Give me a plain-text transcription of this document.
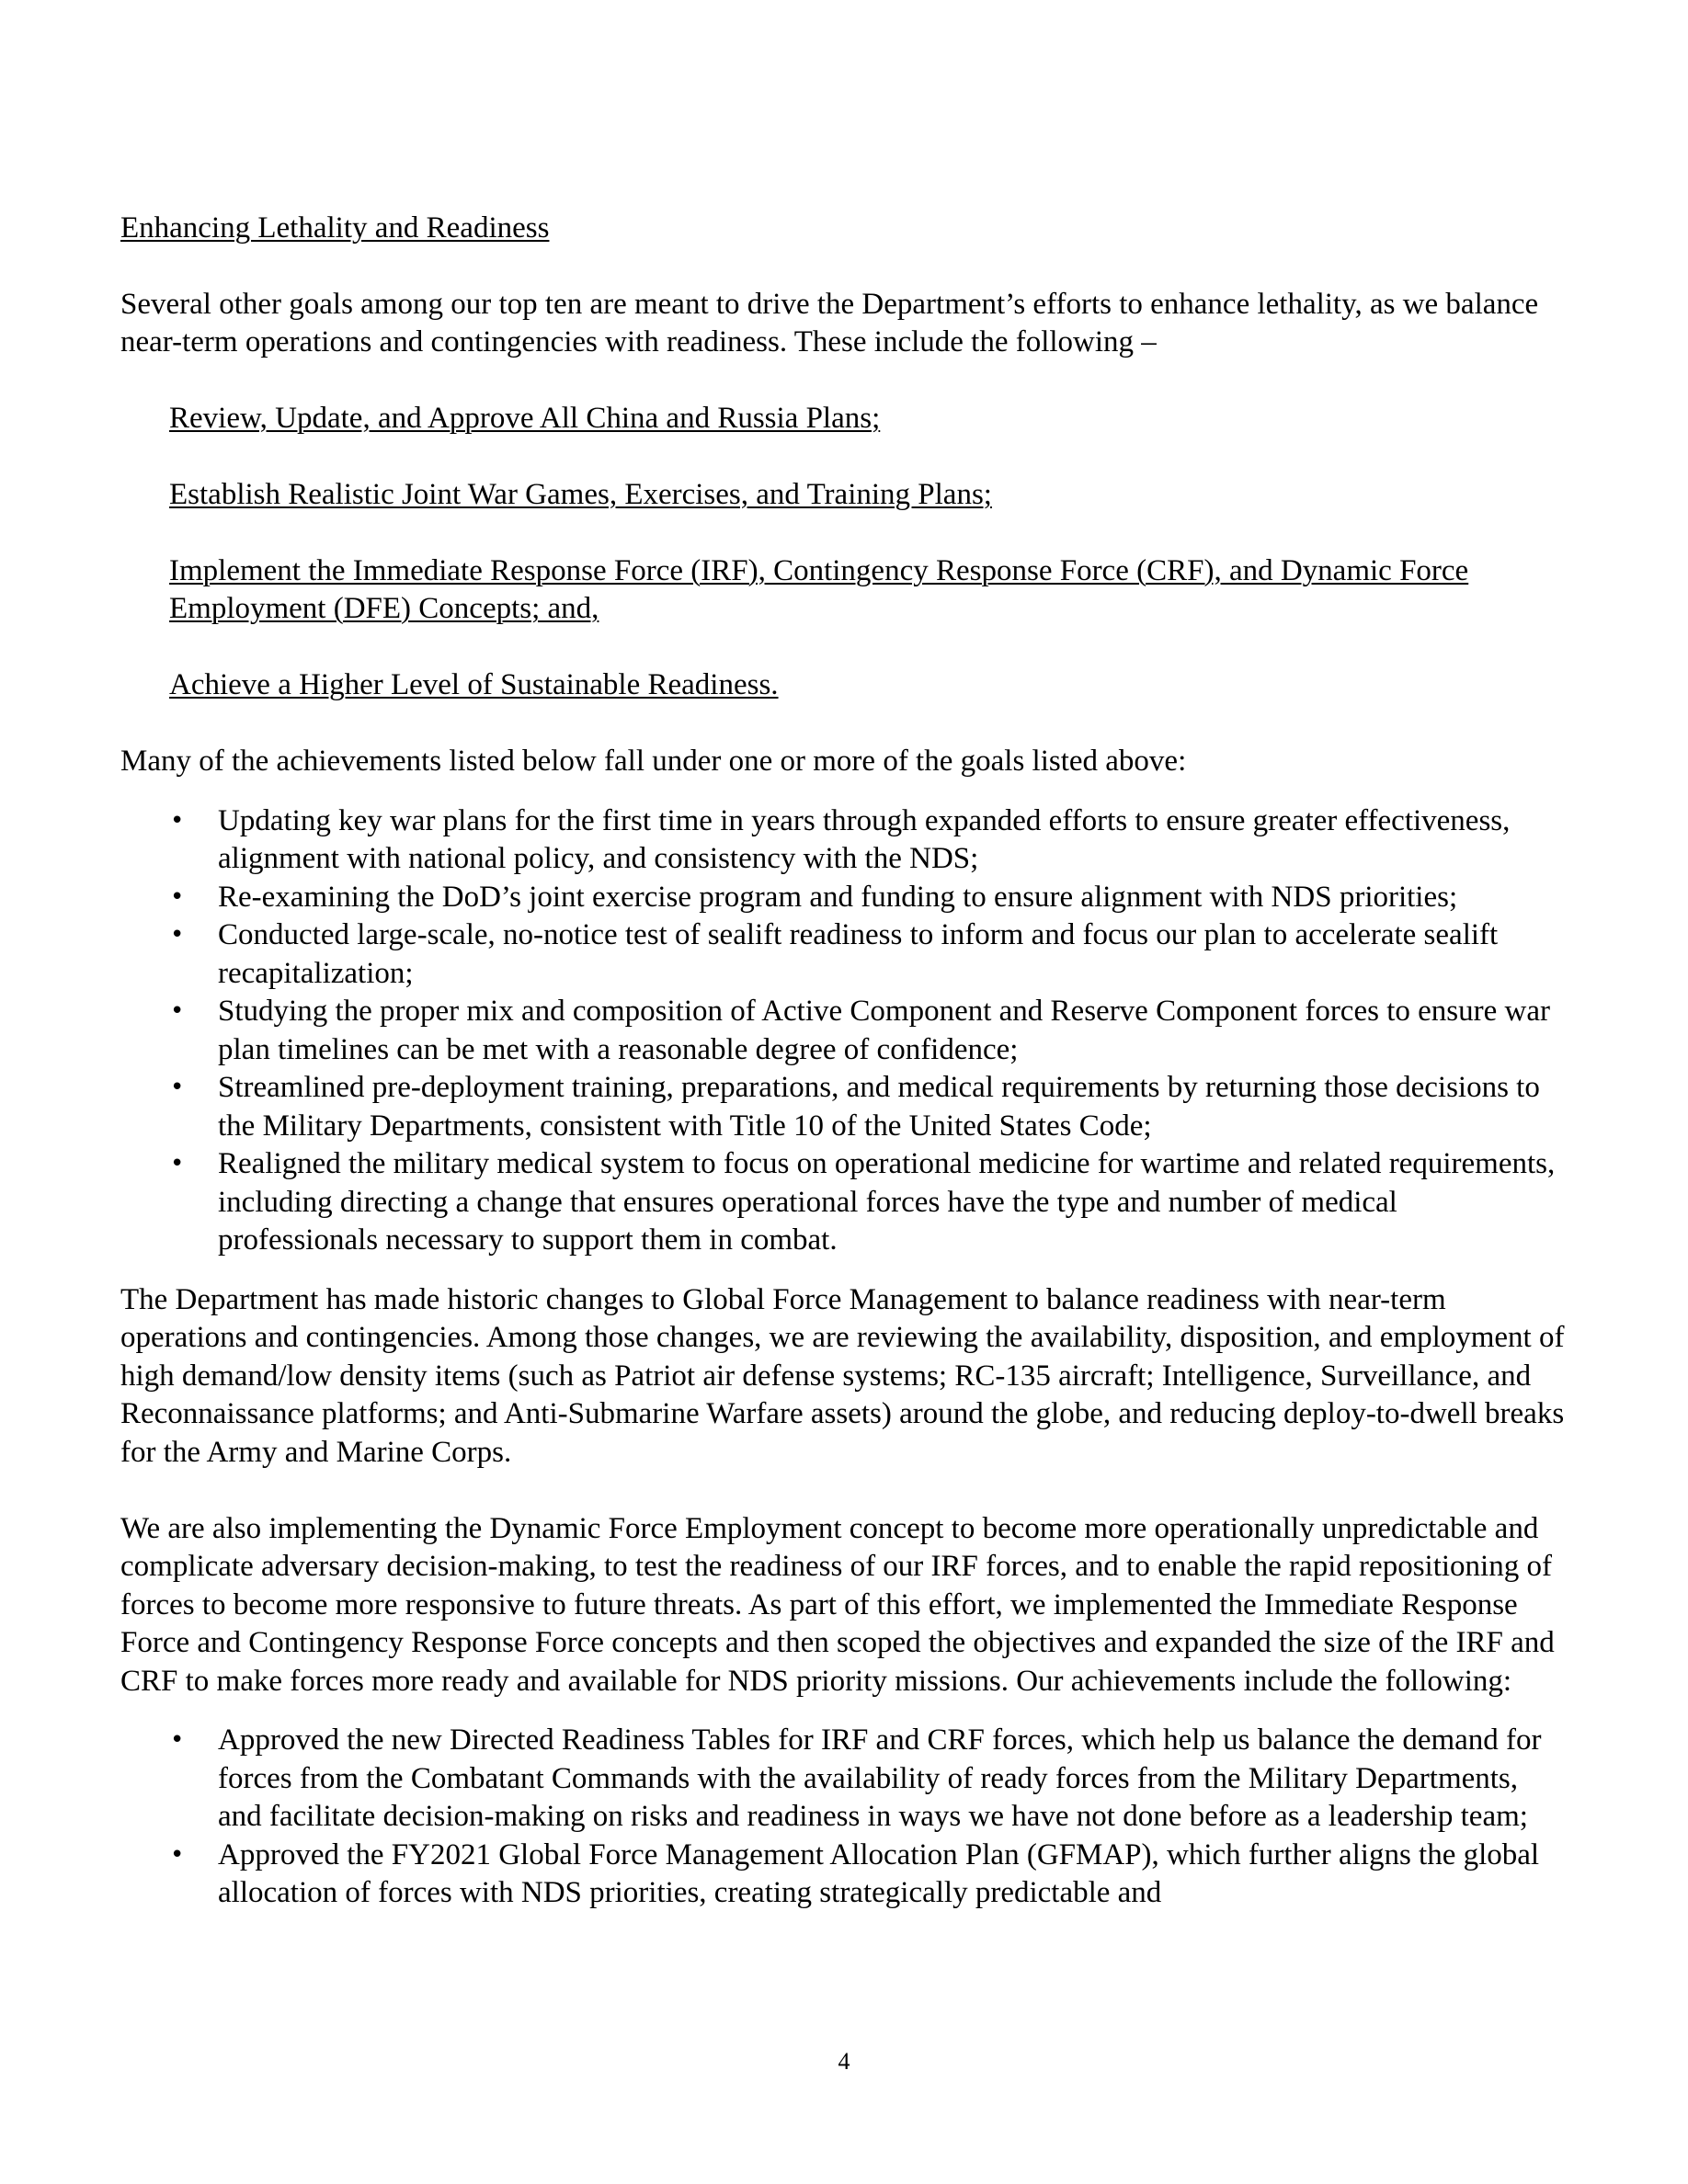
Enhancing Lethality and Readiness

Several other goals among our top ten are meant to drive the Department’s efforts to enhance lethality, as we balance near-term operations and contingencies with readiness. These include the following –

Review, Update, and Approve All China and Russia Plans;
Establish Realistic Joint War Games, Exercises, and Training Plans;
Implement the Immediate Response Force (IRF), Contingency Response Force (CRF), and Dynamic Force Employment (DFE) Concepts; and,
Achieve a Higher Level of Sustainable Readiness.

Many of the achievements listed below fall under one or more of the goals listed above:

• Updating key war plans for the first time in years through expanded efforts to ensure greater effectiveness, alignment with national policy, and consistency with the NDS;
• Re-examining the DoD’s joint exercise program and funding to ensure alignment with NDS priorities;
• Conducted large-scale, no-notice test of sealift readiness to inform and focus our plan to accelerate sealift recapitalization;
• Studying the proper mix and composition of Active Component and Reserve Component forces to ensure war plan timelines can be met with a reasonable degree of confidence;
• Streamlined pre-deployment training, preparations, and medical requirements by returning those decisions to the Military Departments, consistent with Title 10 of the United States Code;
• Realigned the military medical system to focus on operational medicine for wartime and related requirements, including directing a change that ensures operational forces have the type and number of medical professionals necessary to support them in combat.

The Department has made historic changes to Global Force Management to balance readiness with near-term operations and contingencies. Among those changes, we are reviewing the availability, disposition, and employment of high demand/low density items (such as Patriot air defense systems; RC-135 aircraft; Intelligence, Surveillance, and Reconnaissance platforms; and Anti-Submarine Warfare assets) around the globe, and reducing deploy-to-dwell breaks for the Army and Marine Corps.

We are also implementing the Dynamic Force Employment concept to become more operationally unpredictable and complicate adversary decision-making, to test the readiness of our IRF forces, and to enable the rapid repositioning of forces to become more responsive to future threats. As part of this effort, we implemented the Immediate Response Force and Contingency Response Force concepts and then scoped the objectives and expanded the size of the IRF and CRF to make forces more ready and available for NDS priority missions. Our achievements include the following:

• Approved the new Directed Readiness Tables for IRF and CRF forces, which help us balance the demand for forces from the Combatant Commands with the availability of ready forces from the Military Departments, and facilitate decision-making on risks and readiness in ways we have not done before as a leadership team;
• Approved the FY2021 Global Force Management Allocation Plan (GFMAP), which further aligns the global allocation of forces with NDS priorities, creating strategically predictable and
4
